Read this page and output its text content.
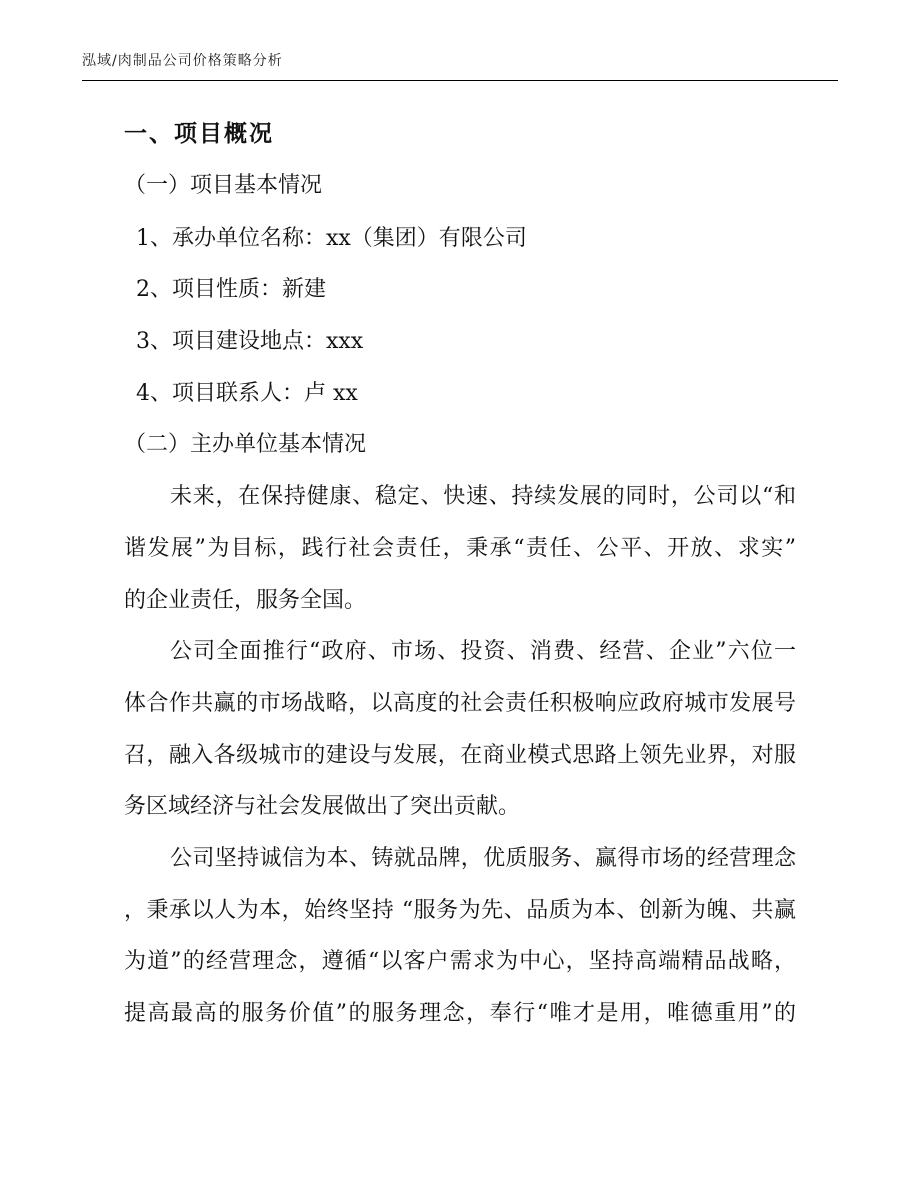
泓域/肉制品公司价格策略分析
一、项目概况
（一）项目基本情况
1、承办单位名称：xx（集团）有限公司
2、项目性质：新建
3、项目建设地点：xxx
4、项目联系人：卢 xx
（二）主办单位基本情况
未来，在保持健康、稳定、快速、持续发展的同时，公司以“和
谐发展”为目标，践行社会责任，秉承“责任、公平、开放、求实”
的企业责任，服务全国。
公司全面推行“政府、市场、投资、消费、经营、企业”六位一
体合作共赢的市场战略，以高度的社会责任积极响应政府城市发展号
召，融入各级城市的建设与发展，在商业模式思路上领先业界，对服
务区域经济与社会发展做出了突出贡献。
公司坚持诚信为本、铸就品牌，优质服务、赢得市场的经营理念
，秉承以人为本，始终坚持 “服务为先、品质为本、创新为魄、共赢
为道”的经营理念，遵循“以客户需求为中心，坚持高端精品战略，
提高最高的服务价值”的服务理念，奉行“唯才是用，唯德重用”的
